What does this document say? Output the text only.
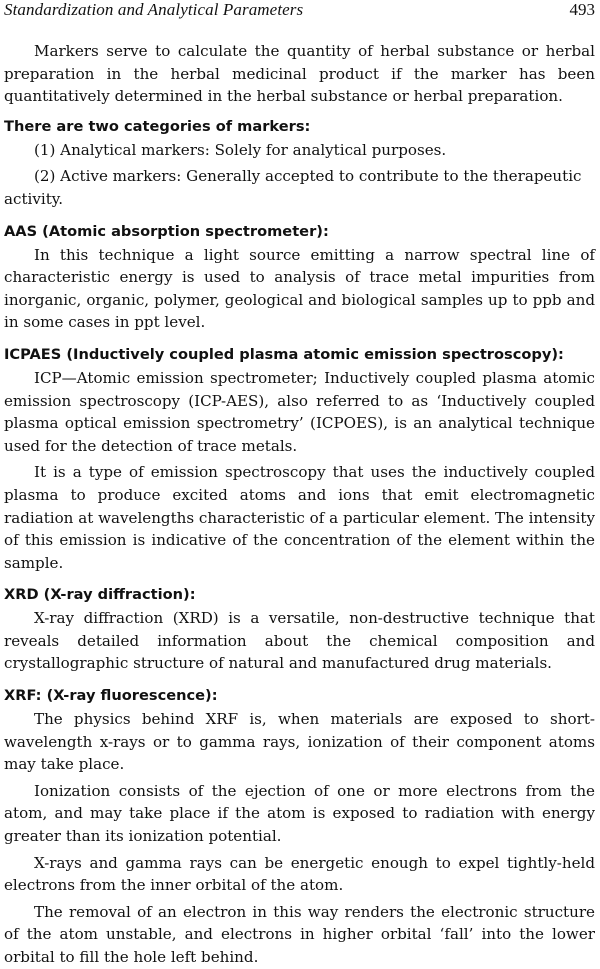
Standardization and Analytical Parameters	493

Markers serve to calculate the quantity of herbal substance or herbal preparation in the herbal medicinal product if the marker has been quantitatively determined in the herbal substance or herbal preparation.

There are two categories of markers:

(1) Analytical markers: Solely for analytical purposes.

(2) Active markers: Generally accepted to contribute to the therapeutic activity.

AAS (Atomic absorption spectrometer):

In this technique a light source emitting a narrow spectral line of characteristic energy is used to analysis of trace metal impurities from inorganic, organic, polymer, geological and biological samples up to ppb and in some cases in ppt level.

ICPAES (Inductively coupled plasma atomic emission spectroscopy):

ICP—Atomic emission spectrometer; Inductively coupled plasma atomic emission spectroscopy (ICP-AES), also referred to as ‘Inductively coupled plasma optical emission spectrometry’ (ICPOES), is an analytical technique used for the detection of trace metals.

It is a type of emission spectroscopy that uses the inductively coupled plasma to produce excited atoms and ions that emit electromagnetic radiation at wavelengths characteristic of a particular element. The intensity of this emission is indicative of the concentration of the element within the sample.

XRD (X-ray diffraction):

X-ray diffraction (XRD) is a versatile, non-destructive technique that reveals detailed information about the chemical composition and crystallographic structure of natural and manufactured drug materials.

XRF: (X-ray fluorescence):

The physics behind XRF is, when materials are exposed to short-wavelength x-rays or to gamma rays, ionization of their component atoms may take place.

Ionization consists of the ejection of one or more electrons from the atom, and may take place if the atom is exposed to radiation with energy greater than its ionization potential.

X-rays and gamma rays can be energetic enough to expel tightly-held electrons from the inner orbital of the atom.

The removal of an electron in this way renders the electronic structure of the atom unstable, and electrons in higher orbital ‘fall’ into the lower orbital to fill the hole left behind.
